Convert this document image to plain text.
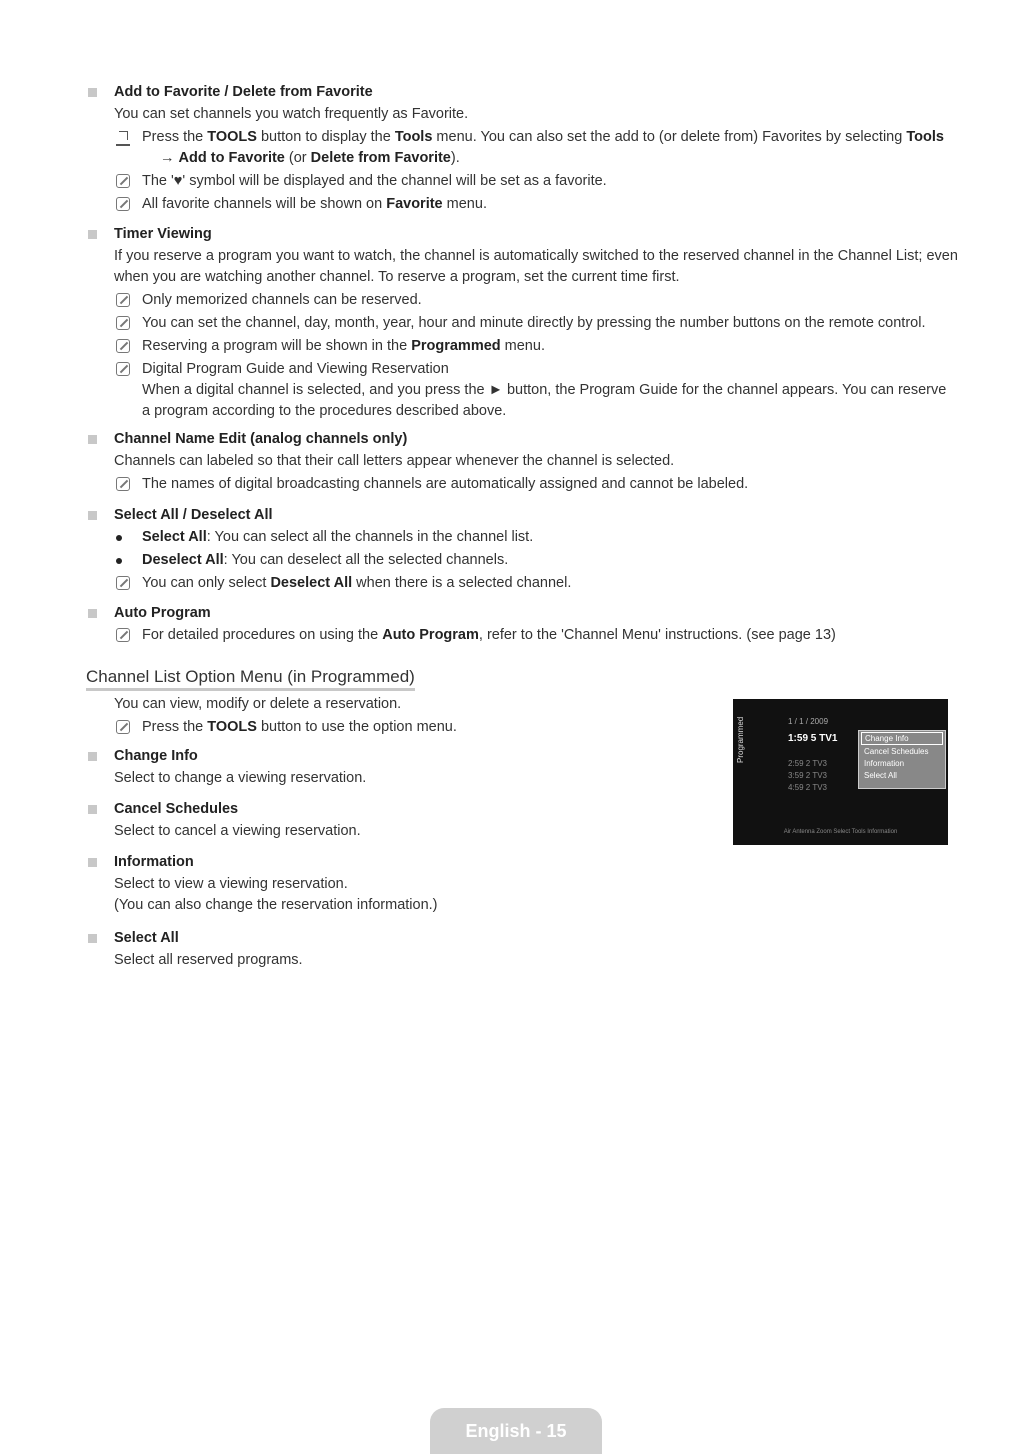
Add to Favorite / Delete from Favorite
You can set channels you watch frequently as Favorite.
Press the TOOLS button to display the Tools menu. You can also set the add to (or delete from) Favorites by selecting Tools
→ Add to Favorite (or Delete from Favorite).
The '♥' symbol will be displayed and the channel will be set as a favorite.
All favorite channels will be shown on Favorite menu.
Timer Viewing
If you reserve a program you want to watch, the channel is automatically switched to the reserved channel in the Channel List; even when you are watching another channel. To reserve a program, set the current time first.
Only memorized channels can be reserved.
You can set the channel, day, month, year, hour and minute directly by pressing the number buttons on the remote control.
Reserving a program will be shown in the Programmed menu.
Digital Program Guide and Viewing Reservation
When a digital channel is selected, and you press the ► button, the Program Guide for the channel appears. You can reserve a program according to the procedures described above.
Channel Name Edit (analog channels only)
Channels can labeled so that their call letters appear whenever the channel is selected.
The names of digital broadcasting channels are automatically assigned and cannot be labeled.
Select All / Deselect All
Select All: You can select all the channels in the channel list.
Deselect All: You can deselect all the selected channels.
You can only select Deselect All when there is a selected channel.
Auto Program
For detailed procedures on using the Auto Program, refer to the 'Channel Menu' instructions. (see page 13)
Channel List Option Menu (in Programmed)
You can view, modify or delete a reservation.
Press the TOOLS button to use the option menu.
Change Info
Select to change a viewing reservation.
Cancel Schedules
Select to cancel a viewing reservation.
Information
Select to view a viewing reservation.
(You can also change the reservation information.)
Select All
Select all reserved programs.
Programmed	1 / 1 / 2009
1:59 5 TV1
2:59 2 TV3
3:59 2 TV3
4:59 2 TV3
Change Info
Cancel Schedules
Information
Select All
Air Antenna Zoom Select Tools Information
English - 15
